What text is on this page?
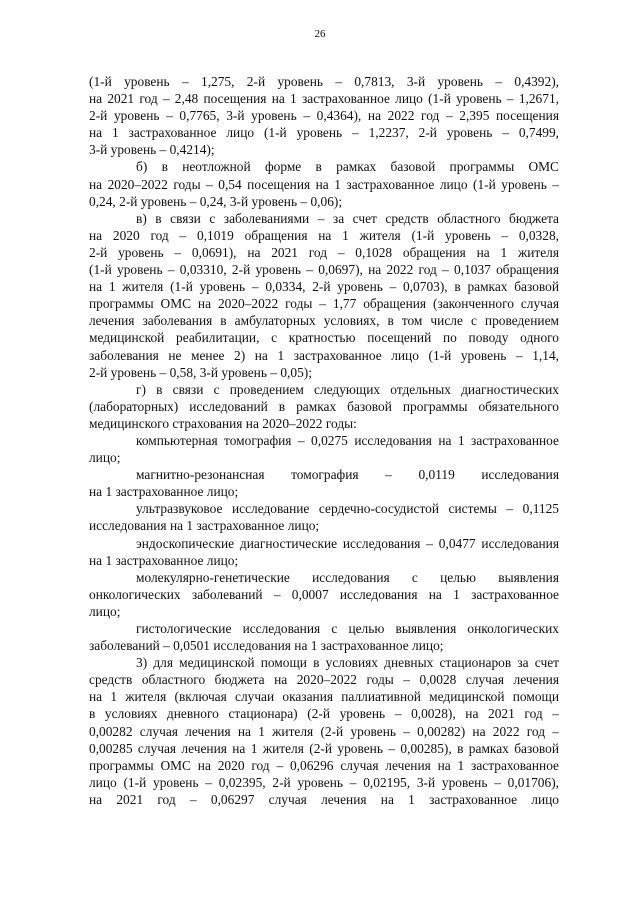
26
(1-й уровень – 1,275, 2-й уровень – 0,7813, 3-й уровень – 0,4392),
на 2021 год – 2,48 посещения на 1 застрахованное лицо (1-й уровень – 1,2671,
2-й уровень – 0,7765, 3-й уровень – 0,4364), на 2022 год – 2,395 посещения
на 1 застрахованное лицо (1-й уровень – 1,2237, 2-й уровень – 0,7499,
3-й уровень – 0,4214);
б) в неотложной форме в рамках базовой программы ОМС
на 2020–2022 годы – 0,54 посещения на 1 застрахованное лицо (1-й уровень –
0,24, 2-й уровень – 0,24, 3-й уровень – 0,06);
в) в связи с заболеваниями – за счет средств областного бюджета
на 2020 год – 0,1019 обращения на 1 жителя (1-й уровень – 0,0328,
2-й уровень – 0,0691), на 2021 год – 0,1028 обращения на 1 жителя
(1-й уровень – 0,03310, 2-й уровень – 0,0697), на 2022 год – 0,1037 обращения
на 1 жителя (1-й уровень – 0,0334, 2-й уровень – 0,0703), в рамках базовой
программы ОМС на 2020–2022 годы – 1,77 обращения (законченного случая
лечения заболевания в амбулаторных условиях, в том числе с проведением
медицинской реабилитации, с кратностью посещений по поводу одного
заболевания не менее 2) на 1 застрахованное лицо (1-й уровень – 1,14,
2-й уровень – 0,58, 3-й уровень – 0,05);
г) в связи с проведением следующих отдельных диагностических
(лабораторных) исследований в рамках базовой программы обязательного
медицинского страхования на 2020–2022 годы:
компьютерная томография – 0,0275 исследования на 1 застрахованное
лицо;
магнитно-резонансная томография – 0,0119 исследования
на 1 застрахованное лицо;
ультразвуковое исследование сердечно-сосудистой системы – 0,1125
исследования на 1 застрахованное лицо;
эндоскопические диагностические исследования – 0,0477 исследования
на 1 застрахованное лицо;
молекулярно-генетические исследования с целью выявления
онкологических заболеваний – 0,0007 исследования на 1 застрахованное
лицо;
гистологические исследования с целью выявления онкологических
заболеваний – 0,0501 исследования на 1 застрахованное лицо;
3) для медицинской помощи в условиях дневных стационаров за счет
средств областного бюджета на 2020–2022 годы – 0,0028 случая лечения
на 1 жителя (включая случаи оказания паллиативной медицинской помощи
в условиях дневного стационара) (2-й уровень – 0,0028), на 2021 год –
0,00282 случая лечения на 1 жителя (2-й уровень – 0,00282) на 2022 год –
0,00285 случая лечения на 1 жителя (2-й уровень – 0,00285), в рамках базовой
программы ОМС на 2020 год – 0,06296 случая лечения на 1 застрахованное
лицо (1-й уровень – 0,02395, 2-й уровень – 0,02195, 3-й уровень – 0,01706),
на 2021 год – 0,06297 случая лечения на 1 застрахованное лицо
